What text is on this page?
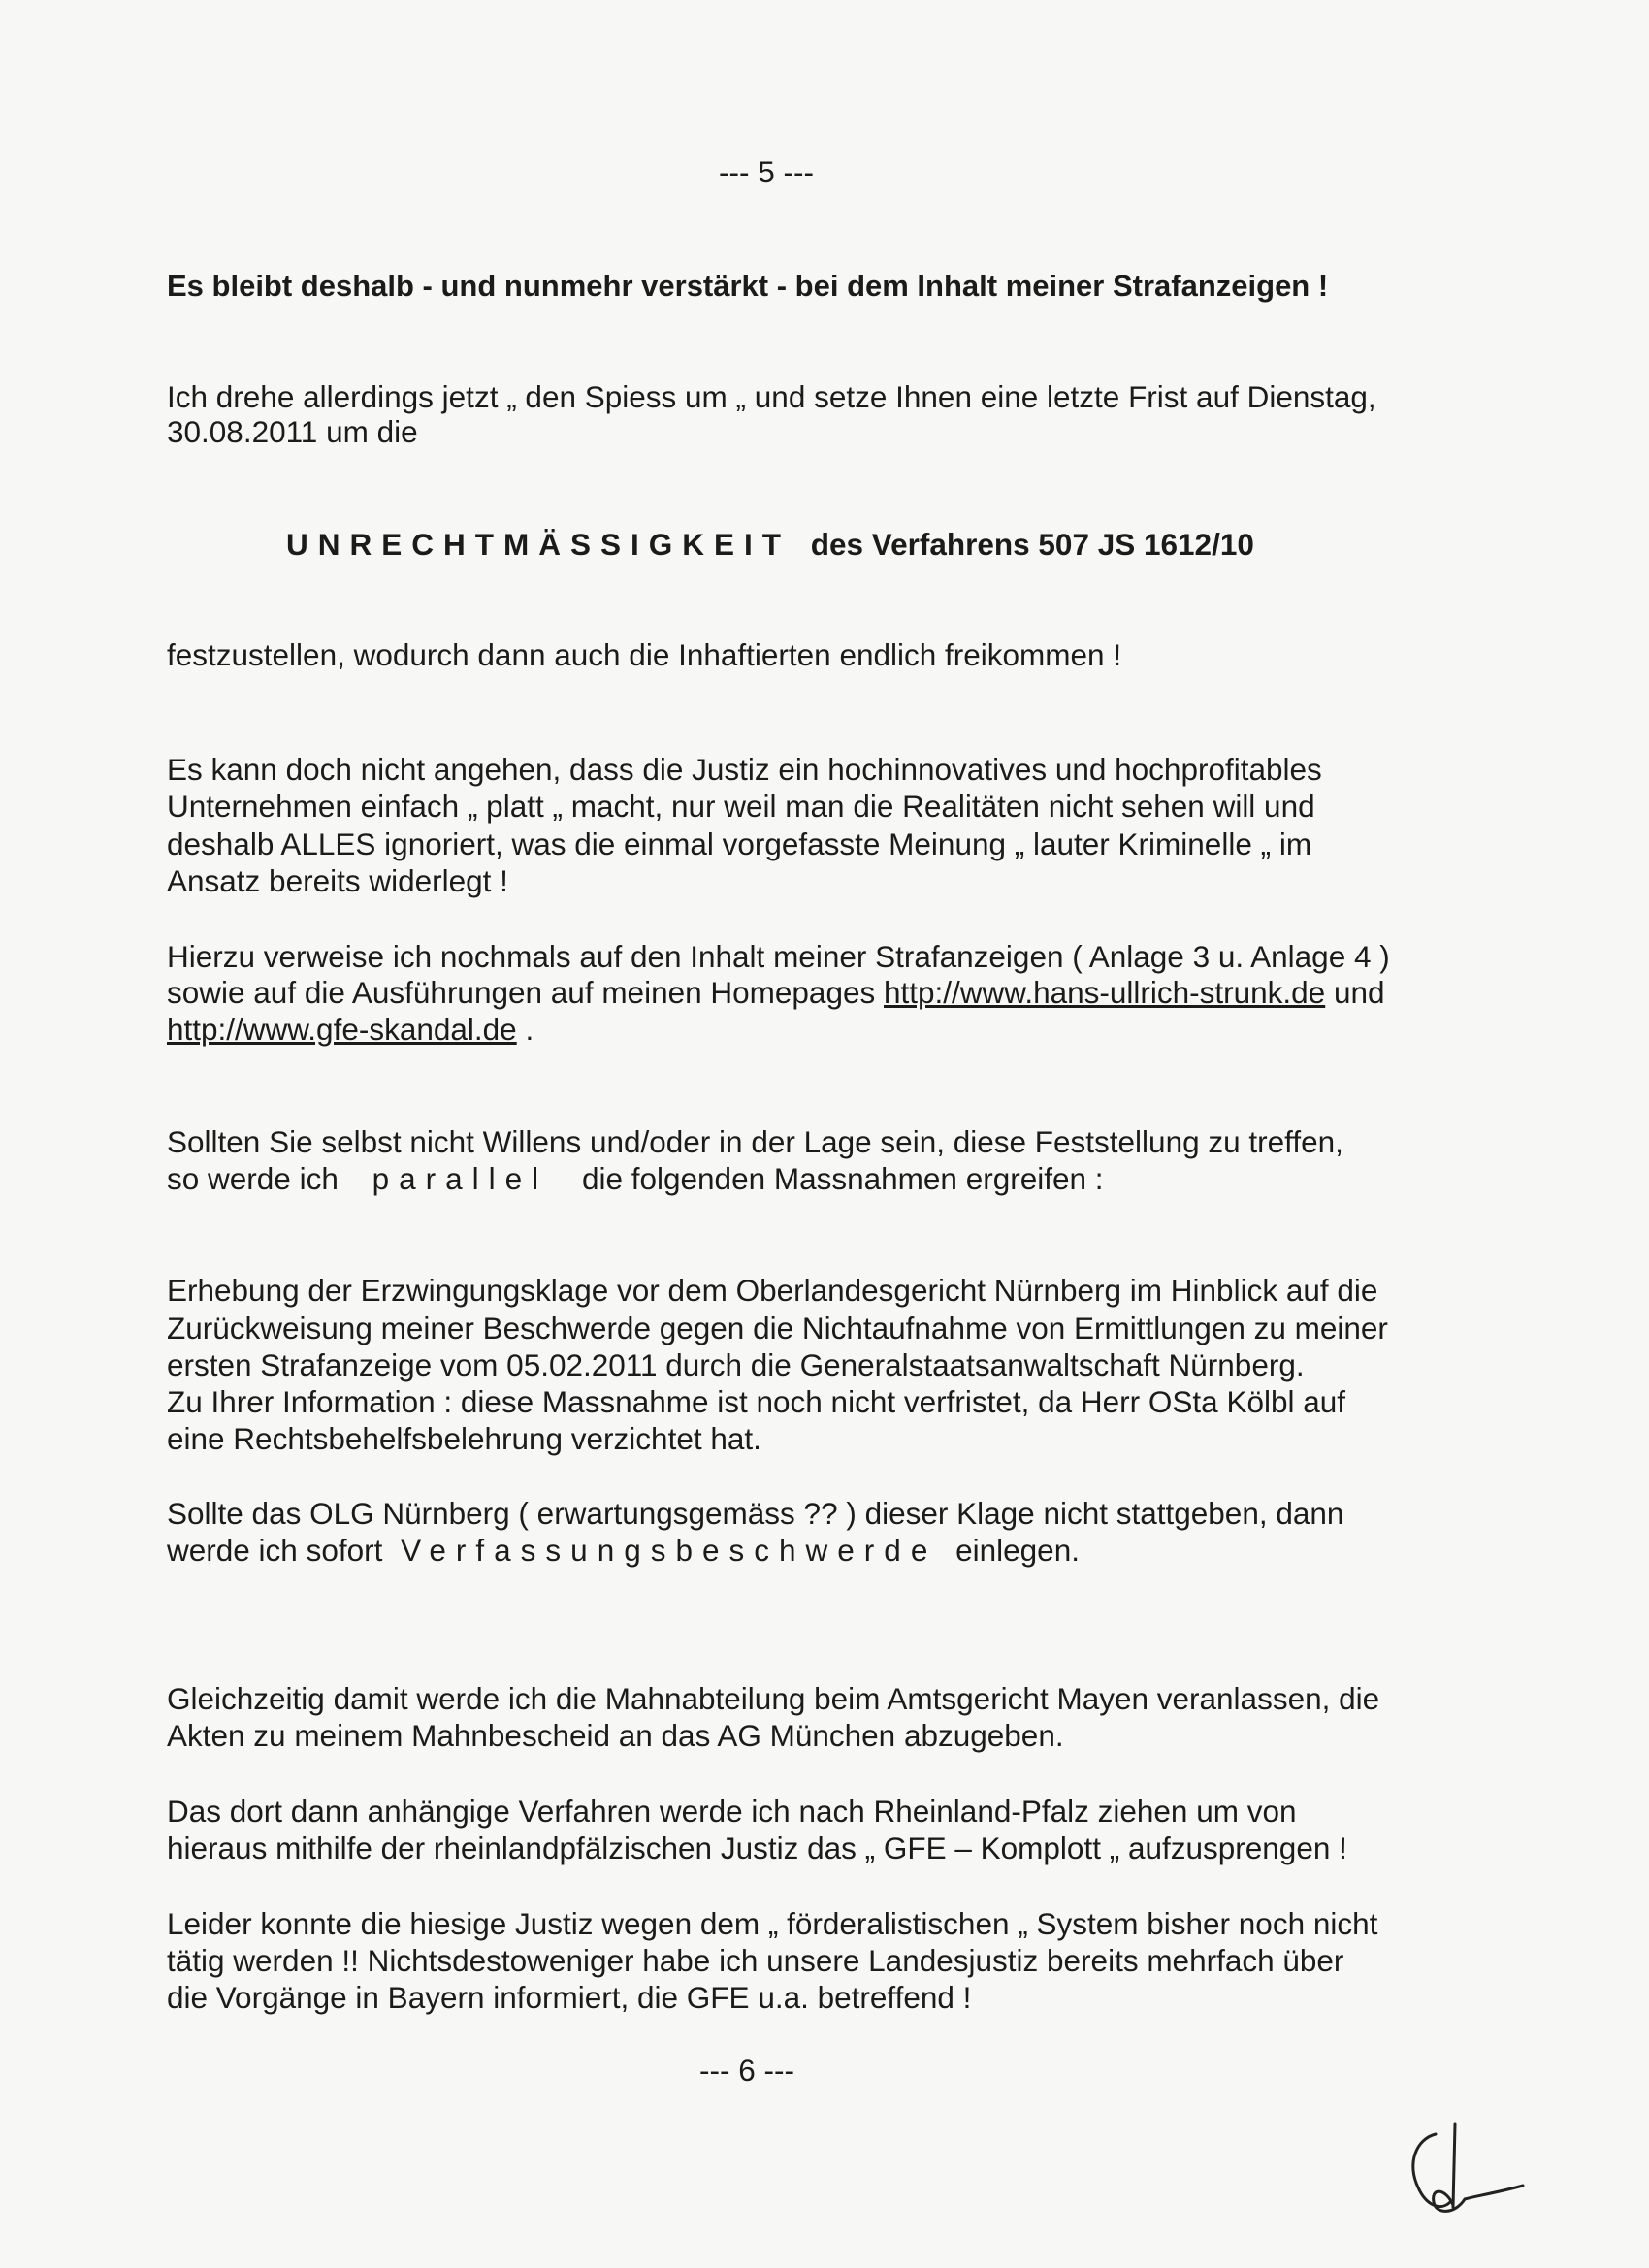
--- 5 ---

Es bleibt deshalb - und nunmehr verstärkt - bei dem Inhalt meiner Strafanzeigen !

Ich drehe allerdings jetzt „ den Spiess um „ und setze Ihnen eine letzte Frist auf Dienstag,

30.08.2011 um die

UNRECHTMÄSSIGKEIT des Verfahrens 507 JS 1612/10

festzustellen, wodurch dann auch die Inhaftierten endlich freikommen !

Es kann doch nicht angehen, dass die Justiz ein hochinnovatives und hochprofitables

Unternehmen einfach „ platt „ macht, nur weil man die Realitäten nicht sehen will und

deshalb ALLES ignoriert, was die einmal vorgefasste Meinung „ lauter Kriminelle „ im

Ansatz bereits widerlegt !

Hierzu verweise ich nochmals auf den Inhalt meiner Strafanzeigen ( Anlage 3 u. Anlage 4 )

sowie auf die Ausführungen auf meinen Homepages http://www.hans-ullrich-strunk.de und

http://www.gfe-skandal.de .

Sollten Sie selbst nicht Willens und/oder in der Lage sein, diese Feststellung zu treffen,

so werde ich parallel die folgenden Massnahmen ergreifen :

Erhebung der Erzwingungsklage vor dem Oberlandesgericht Nürnberg im Hinblick auf die

Zurückweisung meiner Beschwerde gegen die Nichtaufnahme von Ermittlungen zu meiner

ersten Strafanzeige vom 05.02.2011 durch die Generalstaatsanwaltschaft Nürnberg.

Zu Ihrer Information : diese Massnahme ist noch nicht verfristet, da Herr OSta Kölbl auf

eine Rechtsbehelfsbelehrung verzichtet hat.

Sollte das OLG Nürnberg ( erwartungsgemäss ?? ) dieser Klage nicht stattgeben, dann

werde ich sofort Verfassungsbeschwerde einlegen.

Gleichzeitig damit werde ich die Mahnabteilung beim Amtsgericht Mayen veranlassen, die

Akten zu meinem Mahnbescheid an das AG München abzugeben.

Das dort dann anhängige Verfahren werde ich nach Rheinland-Pfalz ziehen um von

hieraus mithilfe der rheinlandpfälzischen Justiz das „ GFE – Komplott „ aufzusprengen !

Leider konnte die hiesige Justiz wegen dem „ förderalistischen „ System bisher noch nicht

tätig werden !! Nichtsdestoweniger habe ich unsere Landesjustiz bereits mehrfach über

die Vorgänge in Bayern informiert, die GFE u.a. betreffend !

--- 6 ---
